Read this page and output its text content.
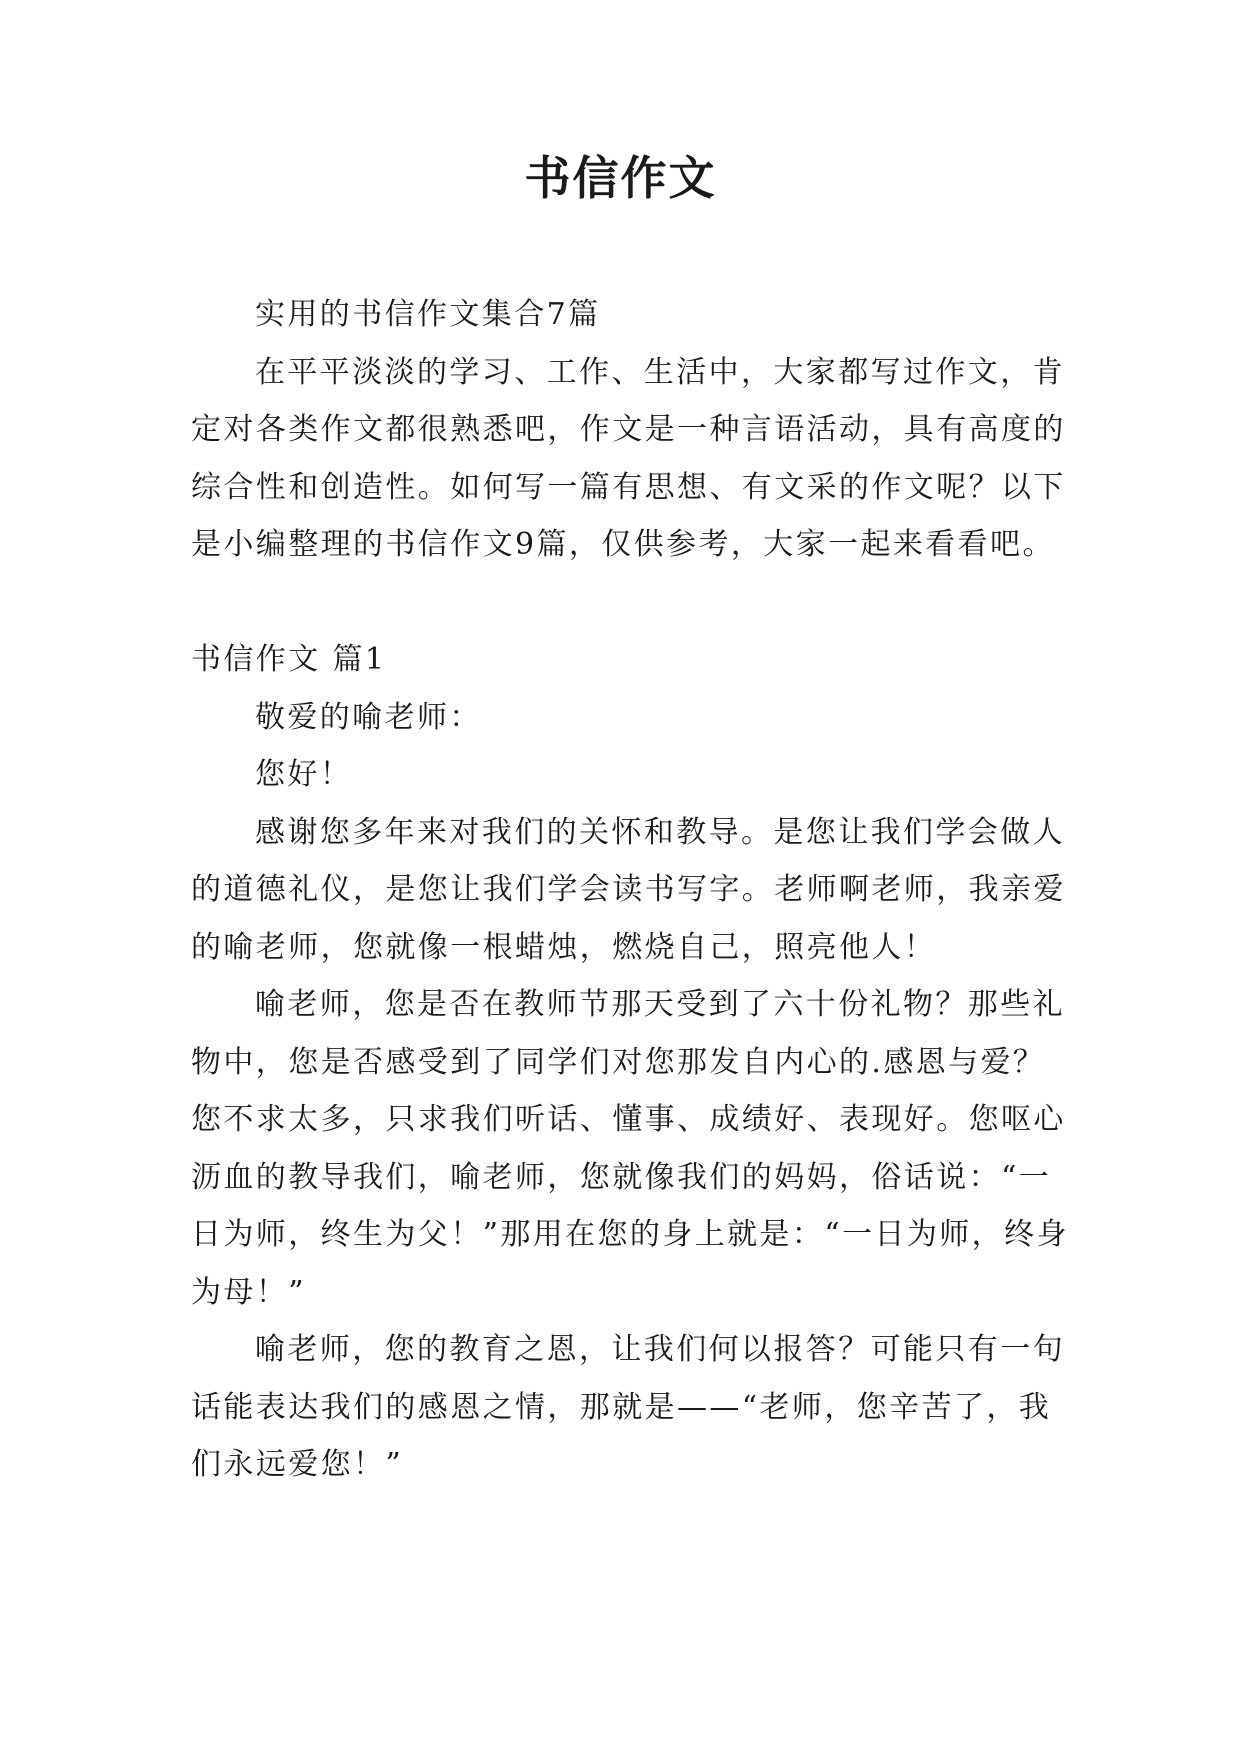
书信作文

实用的书信作文集合7篇

在平平淡淡的学习、工作、生活中，大家都写过作文，肯定对各类作文都很熟悉吧，作文是一种言语活动，具有高度的综合性和创造性。如何写一篇有思想、有文采的作文呢？以下是小编整理的书信作文9篇，仅供参考，大家一起来看看吧。

书信作文 篇1

敬爱的喻老师：

您好！

感谢您多年来对我们的关怀和教导。是您让我们学会做人的道德礼仪，是您让我们学会读书写字。老师啊老师，我亲爱的喻老师，您就像一根蜡烛，燃烧自己，照亮他人！

喻老师，您是否在教师节那天受到了六十份礼物？那些礼物中，您是否感受到了同学们对您那发自内心的.感恩与爱？您不求太多，只求我们听话、懂事、成绩好、表现好。您呕心沥血的教导我们，喻老师，您就像我们的妈妈，俗话说：“一日为师，终生为父！”那用在您的身上就是：“一日为师，终身为母！”

喻老师，您的教育之恩，让我们何以报答？可能只有一句话能表达我们的感恩之情，那就是——“老师，您辛苦了，我们永远爱您！”
